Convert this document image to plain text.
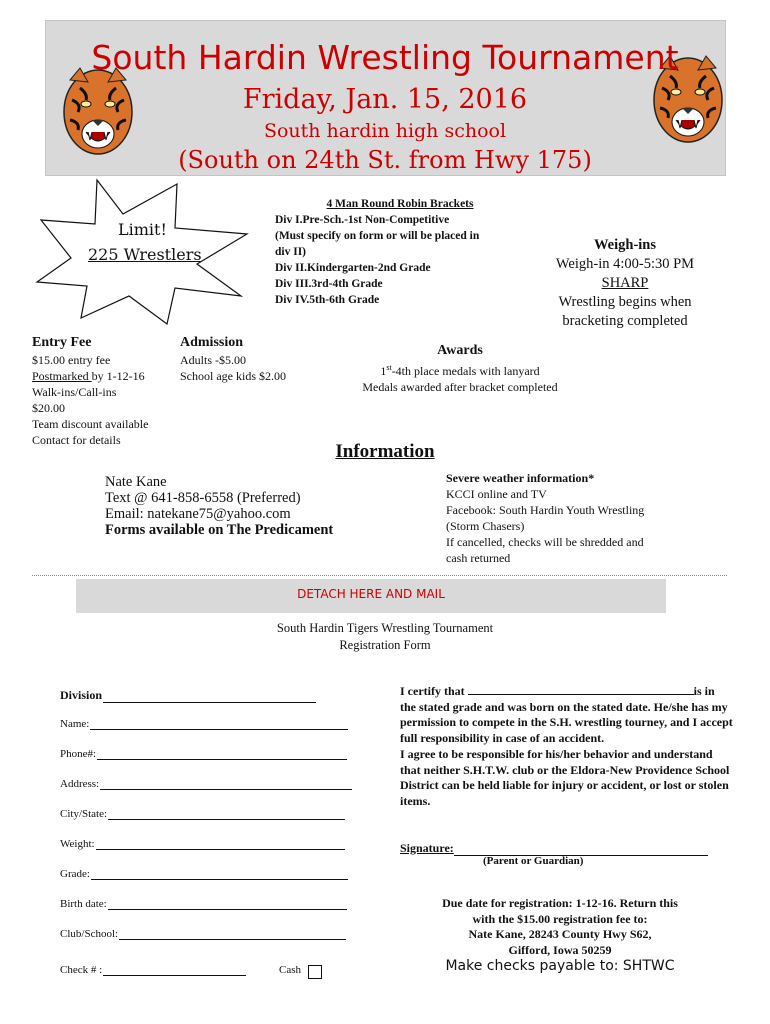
South Hardin Wrestling Tournament
Friday, Jan. 15, 2016
South hardin high school
(South on 24th St. from Hwy 175)
Limit!
225 Wrestlers
4 Man Round Robin Brackets
Div I.Pre-Sch.-1st Non-Competitive
(Must specify on form or will be placed in
div II)
Div II.Kindergarten-2nd Grade
Div III.3rd-4th Grade
Div IV.5th-6th Grade
Weigh-ins
Weigh-in 4:00-5:30 PM
SHARP
Wrestling begins when
bracketing completed
Entry Fee
$15.00 entry fee
Postmarked by 1-12-16
Walk-ins/Call-ins
$20.00
Team discount available
Contact for details
Admission
Adults -$5.00
School age kids $2.00
Awards
1st-4th place medals with lanyard
Medals awarded after bracket completed
Information
Nate Kane
Text @ 641-858-6558 (Preferred)
Email: natekane75@yahoo.com
Forms available on The Predicament
Severe weather information*
KCCI online and TV
Facebook: South Hardin Youth Wrestling
(Storm Chasers)
If cancelled, checks will be shredded and
cash returned
DETACH HERE AND MAIL
South Hardin Tigers Wrestling Tournament
Registration Form
Division
Name:
Phone#:
Address:
City/State:
Weight:
Grade:
Birth date:
Club/School:
Check # :	Cash
I certify that	is in
the stated grade and was born on the stated date. He/she has my permission to compete in the S.H. wrestling tourney, and I accept full responsibility in case of an accident.
I agree to be responsible for his/her behavior and understand that neither S.H.T.W. club or the Eldora-New Providence School District can be held liable for injury or accident, or lost or stolen items.
Signature:
(Parent or Guardian)
Due date for registration: 1-12-16. Return this
with the $15.00 registration fee to:
Nate Kane, 28243 County Hwy S62,
Gifford, Iowa 50259
Make checks payable to: SHTWC
